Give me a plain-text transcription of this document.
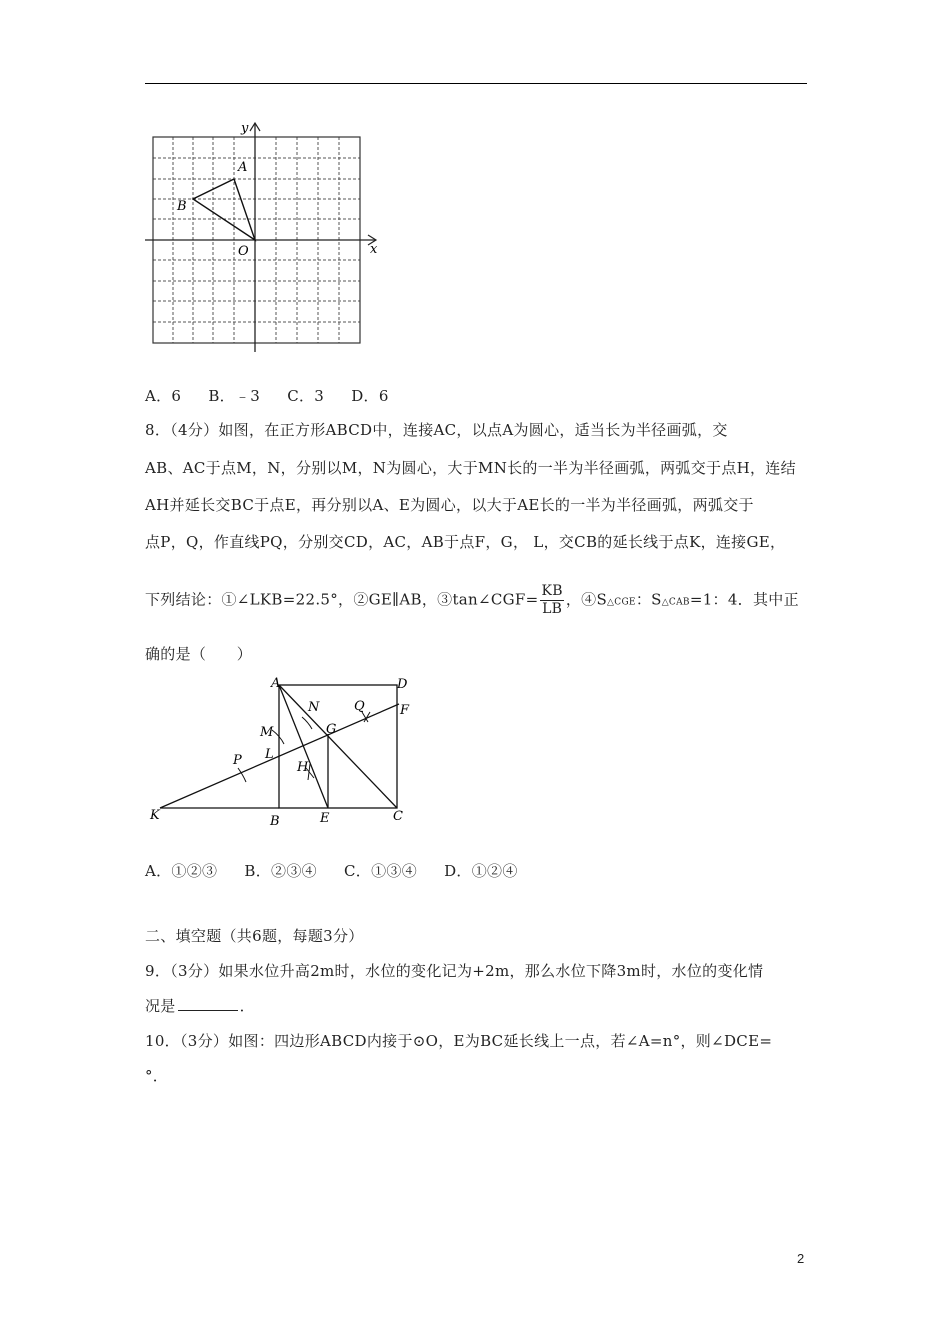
y
x
A
B
O
A．6 B．﹣3 C．3 D．6
8．（4分）如图，在正方形ABCD中，连接AC，以点A为圆心，适当长为半径画弧，交
AB、AC于点M，N，分别以M，N为圆心，大于MN长的一半为半径画弧，两弧交于点H，连结
AH并延长交BC于点E，再分别以A、E为圆心，以大于AE长的一半为半径画弧，两弧交于
点P，Q，作直线PQ，分别交CD，AC，AB于点F，G， L，交CB的延长线于点K，连接GE，
下列结论：①∠LKB=22.5°，②GE∥AB，③tan∠CGF= $\frac{KB}{LB}$ ，④S△CGE：S△CAB=1：4．其中正
确的是（　　）
A	D
F
N	Q
G
M
L
P	H
K	B	E	C
A．①②③ B．②③④ C．①③④ D．①②④
二、填空题（共6题，每题3分）
9．（3分）如果水位升高2m时，水位的变化记为+2m，那么水位下降3m时，水位的变化情
况是	．
10．（3分）如图：四边形ABCD内接于⊙O，E为BC延长线上一点，若∠A=n°，则∠DCE=
°．
2
